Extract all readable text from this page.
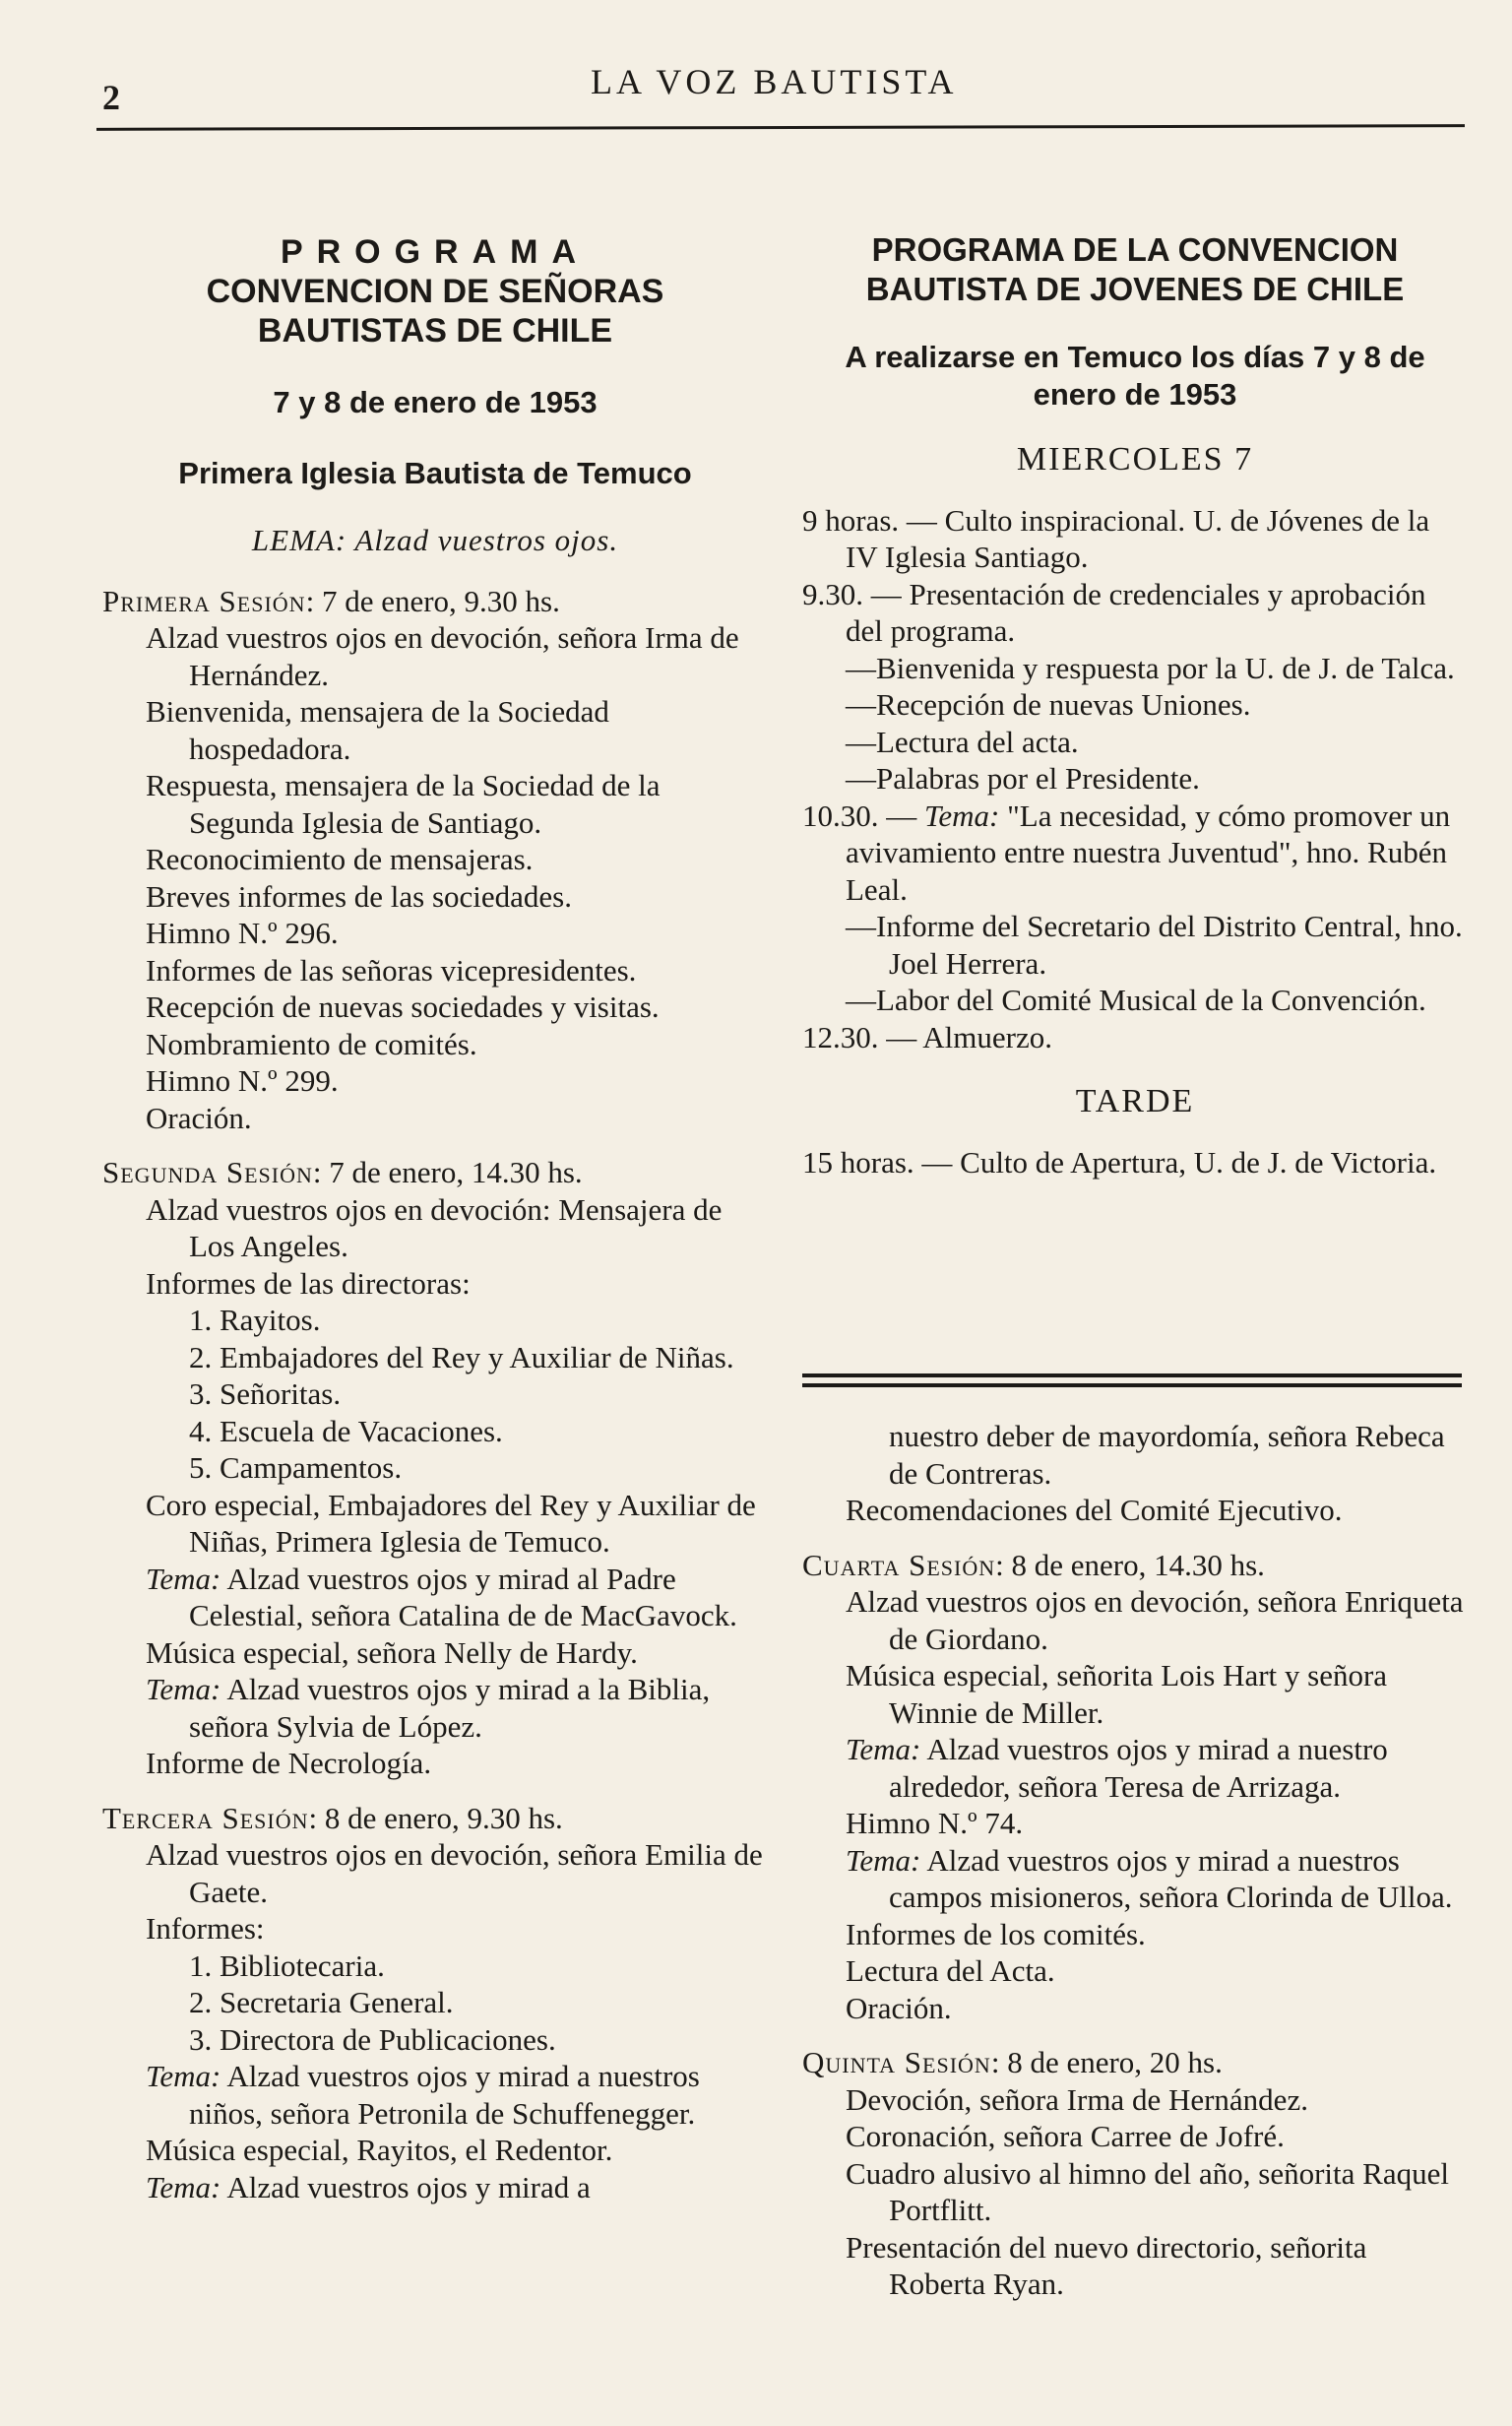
2	LA VOZ BAUTISTA
PROGRAMA
CONVENCION DE SEÑORAS
BAUTISTAS DE CHILE

7 y 8 de enero de 1953

Primera Iglesia Bautista de Temuco

LEMA: Alzad vuestros ojos.

Primera Sesión: 7 de enero, 9.30 hs.

Alzad vuestros ojos en devoción, señora Irma de Hernández.

Bienvenida, mensajera de la Sociedad hospedadora.

Respuesta, mensajera de la Sociedad de la Segunda Iglesia de Santiago.

Reconocimiento de mensajeras.

Breves informes de las sociedades.

Himno N.º 296.

Informes de las señoras vicepresidentes.

Recepción de nuevas sociedades y visitas.

Nombramiento de comités.

Himno N.º 299.

Oración.

Segunda Sesión: 7 de enero, 14.30 hs.

Alzad vuestros ojos en devoción: Mensajera de Los Angeles.

Informes de las directoras:

1. Rayitos.

2. Embajadores del Rey y Auxiliar de Niñas.

3. Señoritas.

4. Escuela de Vacaciones.

5. Campamentos.

Coro especial, Embajadores del Rey y Auxiliar de Niñas, Primera Iglesia de Temuco.

Tema: Alzad vuestros ojos y mirad al Padre Celestial, señora Catalina de de MacGavock.

Música especial, señora Nelly de Hardy.

Tema: Alzad vuestros ojos y mirad a la Biblia, señora Sylvia de López.

Informe de Necrología.

Tercera Sesión: 8 de enero, 9.30 hs.

Alzad vuestros ojos en devoción, señora Emilia de Gaete.

Informes:

1. Bibliotecaria.

2. Secretaria General.

3. Directora de Publicaciones.

Tema: Alzad vuestros ojos y mirad a nuestros niños, señora Petronila de Schuffenegger.

Música especial, Rayitos, el Redentor.

Tema: Alzad vuestros ojos y mirad a

PROGRAMA DE LA CONVENCION
BAUTISTA DE JOVENES DE CHILE

A realizarse en Temuco los días 7 y 8 de enero de 1953

MIERCOLES 7

9 horas. — Culto inspiracional. U. de Jóvenes de la IV Iglesia Santiago.

9.30. — Presentación de credenciales y aprobación del programa.

—Bienvenida y respuesta por la U. de J. de Talca.

—Recepción de nuevas Uniones.

—Lectura del acta.

—Palabras por el Presidente.

10.30. — Tema: "La necesidad, y cómo promover un avivamiento entre nuestra Juventud", hno. Rubén Leal.

—Informe del Secretario del Distrito Central, hno. Joel Herrera.

—Labor del Comité Musical de la Convención.

12.30. — Almuerzo.

TARDE

15 horas. — Culto de Apertura, U. de J. de Victoria.

nuestro deber de mayordomía, señora Rebeca de Contreras.

Recomendaciones del Comité Ejecutivo.

Cuarta Sesión: 8 de enero, 14.30 hs.

Alzad vuestros ojos en devoción, señora Enriqueta de Giordano.

Música especial, señorita Lois Hart y señora Winnie de Miller.

Tema: Alzad vuestros ojos y mirad a nuestro alrededor, señora Teresa de Arrizaga.

Himno N.º 74.

Tema: Alzad vuestros ojos y mirad a nuestros campos misioneros, señora Clorinda de Ulloa.

Informes de los comités.

Lectura del Acta.

Oración.

Quinta Sesión: 8 de enero, 20 hs.

Devoción, señora Irma de Hernández.

Coronación, señora Carree de Jofré.

Cuadro alusivo al himno del año, señorita Raquel Portflitt.

Presentación del nuevo directorio, señorita Roberta Ryan.
